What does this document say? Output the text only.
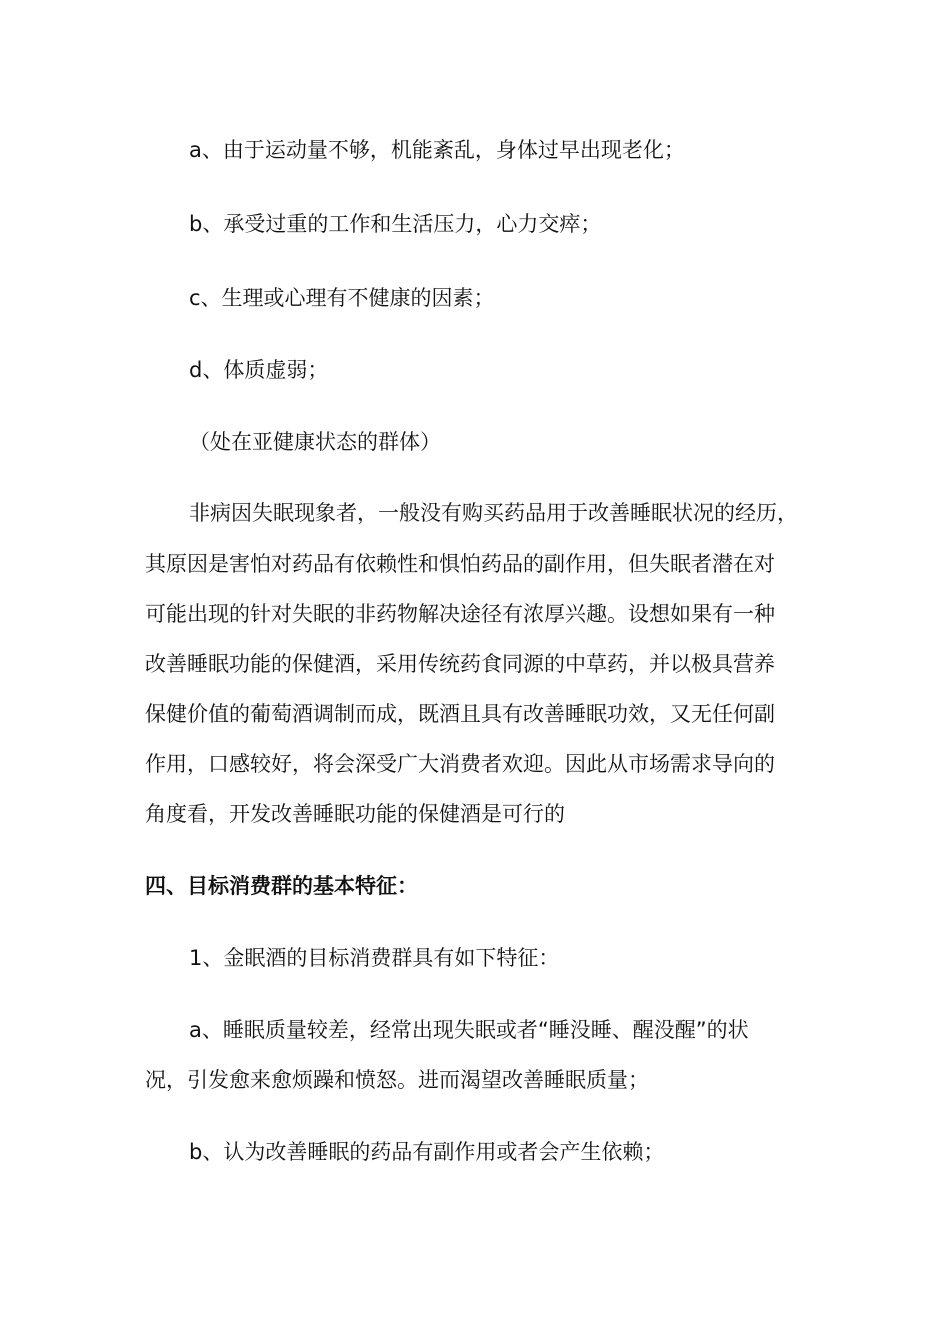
a、由于运动量不够，机能紊乱，身体过早出现老化；
b、承受过重的工作和生活压力，心力交瘁；
c、生理或心理有不健康的因素；
d、体质虚弱；
（处在亚健康状态的群体）
非病因失眠现象者，一般没有购买药品用于改善睡眠状况的经历，
其原因是害怕对药品有依赖性和惧怕药品的副作用，但失眠者潜在对
可能出现的针对失眠的非药物解决途径有浓厚兴趣。设想如果有一种
改善睡眠功能的保健酒，采用传统药食同源的中草药，并以极具营养
保健价值的葡萄酒调制而成，既酒且具有改善睡眠功效，又无任何副
作用，口感较好，将会深受广大消费者欢迎。因此从市场需求导向的
角度看，开发改善睡眠功能的保健酒是可行的
四、目标消费群的基本特征：
1、金眠酒的目标消费群具有如下特征：
a、睡眠质量较差，经常出现失眠或者“睡没睡、醒没醒”的状
况，引发愈来愈烦躁和愤怒。进而渴望改善睡眠质量；
b、认为改善睡眠的药品有副作用或者会产生依赖；
